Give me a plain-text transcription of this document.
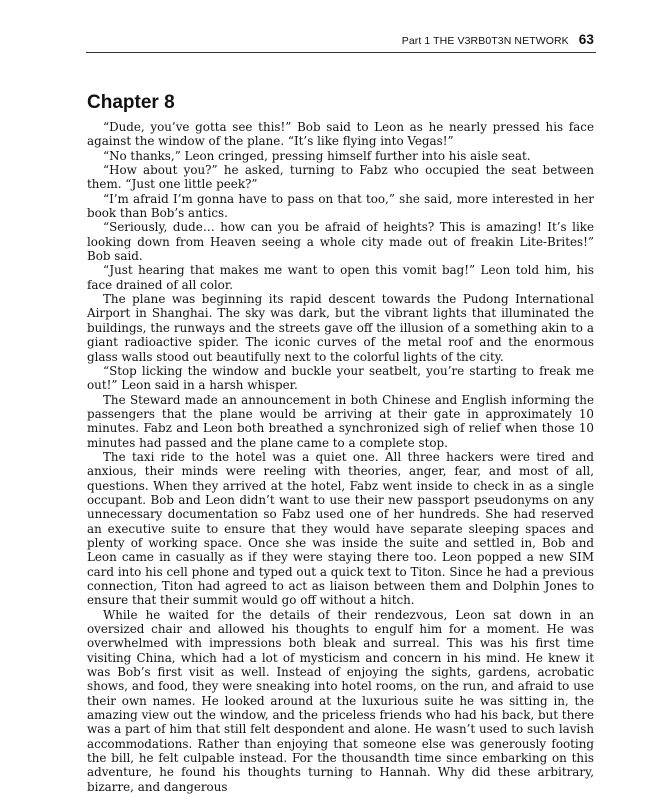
Part 1 THE V3RB0T3N NETWORK 63
Chapter 8

“Dude, you’ve gotta see this!” Bob said to Leon as he nearly pressed his face against the window of the plane. “It’s like flying into Vegas!”

“No thanks,” Leon cringed, pressing himself further into his aisle seat.

“How about you?” he asked, turning to Fabz who occupied the seat between them. “Just one little peek?”

“I’m afraid I’m gonna have to pass on that too,” she said, more interested in her book than Bob’s antics.

“Seriously, dude… how can you be afraid of heights? This is amazing! It’s like looking down from Heaven seeing a whole city made out of freakin Lite-Brites!” Bob said.

“Just hearing that makes me want to open this vomit bag!” Leon told him, his face drained of all color.

The plane was beginning its rapid descent towards the Pudong International Airport in Shanghai. The sky was dark, but the vibrant lights that illuminated the buildings, the runways and the streets gave off the illusion of a something akin to a giant radioactive spider. The iconic curves of the metal roof and the enormous glass walls stood out beautifully next to the colorful lights of the city.

“Stop licking the window and buckle your seatbelt, you’re starting to freak me out!” Leon said in a harsh whisper.

The Steward made an announcement in both Chinese and English informing the passengers that the plane would be arriving at their gate in approximately 10 minutes. Fabz and Leon both breathed a synchronized sigh of relief when those 10 minutes had passed and the plane came to a complete stop.

The taxi ride to the hotel was a quiet one. All three hackers were tired and anxious, their minds were reeling with theories, anger, fear, and most of all, questions. When they arrived at the hotel, Fabz went inside to check in as a single occupant. Bob and Leon didn’t want to use their new passport pseudonyms on any unnecessary documentation so Fabz used one of her hundreds. She had reserved an executive suite to ensure that they would have separate sleeping spaces and plenty of working space. Once she was inside the suite and settled in, Bob and Leon came in casually as if they were staying there too. Leon popped a new SIM card into his cell phone and typed out a quick text to Titon. Since he had a previous connection, Titon had agreed to act as liaison between them and Dolphin Jones to ensure that their summit would go off without a hitch.

While he waited for the details of their rendezvous, Leon sat down in an oversized chair and allowed his thoughts to engulf him for a moment. He was overwhelmed with impressions both bleak and surreal. This was his first time visiting China, which had a lot of mysticism and concern in his mind. He knew it was Bob’s first visit as well. Instead of enjoying the sights, gardens, acrobatic shows, and food, they were sneaking into hotel rooms, on the run, and afraid to use their own names. He looked around at the luxurious suite he was sitting in, the amazing view out the window, and the priceless friends who had his back, but there was a part of him that still felt despondent and alone. He wasn’t used to such lavish accommodations. Rather than enjoying that someone else was generously footing the bill, he felt culpable instead. For the thousandth time since embarking on this adventure, he found his thoughts turning to Hannah. Why did these arbitrary, bizarre, and dangerous
